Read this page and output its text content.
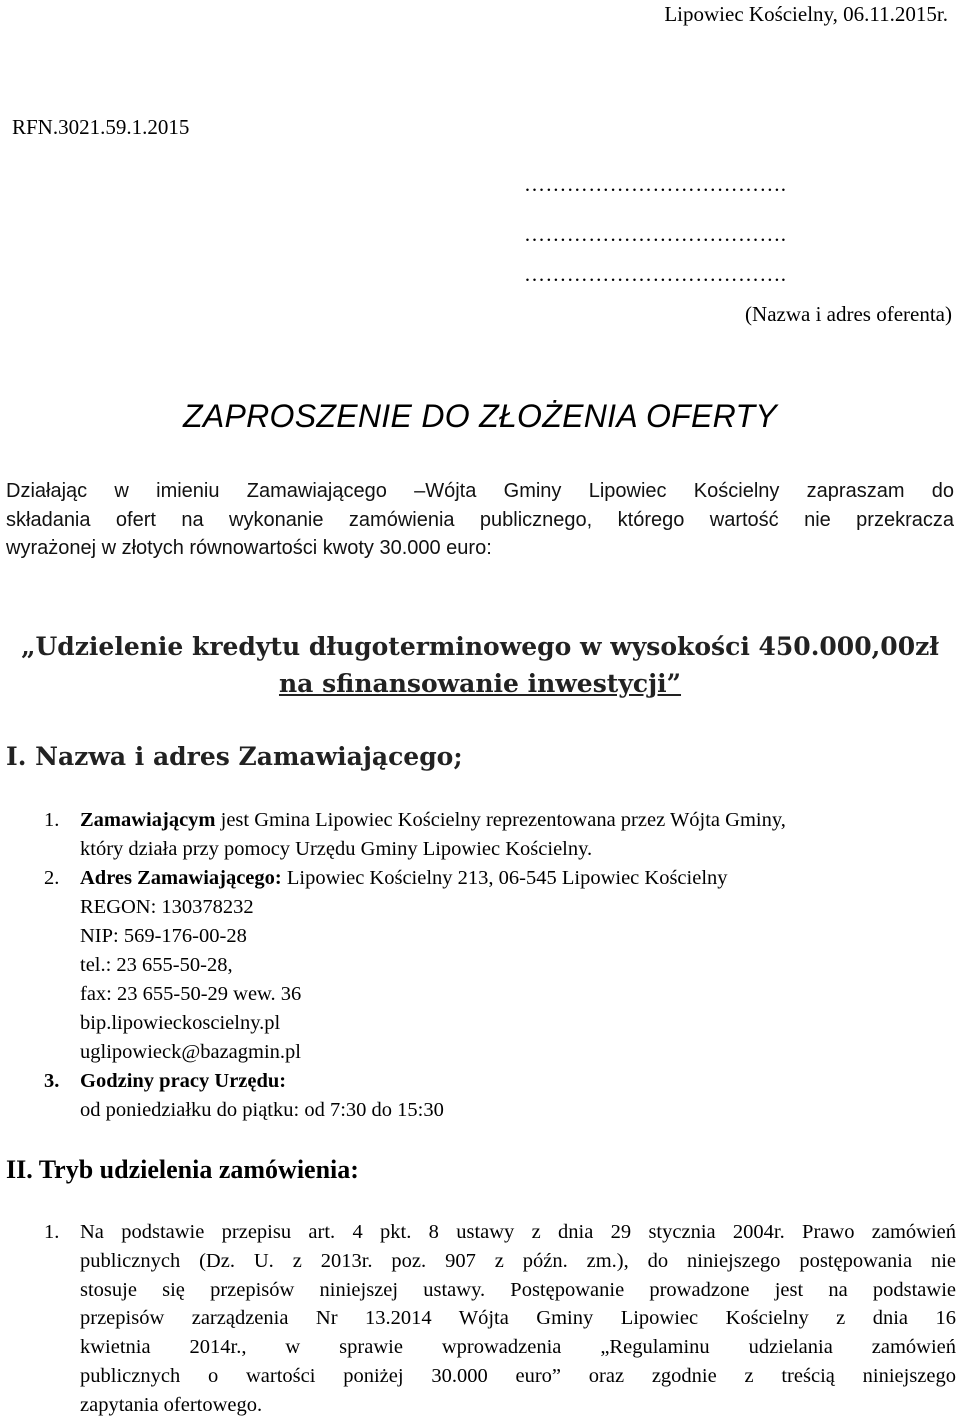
Lipowiec Kościelny, 06.11.2015r.
RFN.3021.59.1.2015
……………………………….
……………………………….
……………………………….
(Nazwa i adres oferenta)
ZAPROSZENIE DO ZŁOŻENIA OFERTY
Działając w imieniu Zamawiającego –Wójta Gminy Lipowiec Kościelny zapraszam do
składania ofert na wykonanie zamówienia publicznego, którego wartość nie przekracza
wyrażonej w złotych równowartości kwoty 30.000 euro:
„Udzielenie kredytu długoterminowego w wysokości 450.000,00zł
na sfinansowanie inwestycji”
I. Nazwa i adres Zamawiającego;
1. Zamawiającym jest Gmina Lipowiec Kościelny reprezentowana przez Wójta Gminy,
który działa przy pomocy Urzędu Gminy Lipowiec Kościelny.
2. Adres Zamawiającego: Lipowiec Kościelny 213, 06-545 Lipowiec Kościelny
REGON: 130378232
NIP: 569-176-00-28
tel.: 23 655-50-28,
fax: 23 655-50-29 wew. 36
bip.lipowieckoscielny.pl
uglipowieck@bazagmin.pl
3. Godziny pracy Urzędu:
od poniedziałku do piątku: od 7:30 do 15:30
II. Tryb udzielenia zamówienia:
1. Na podstawie przepisu art. 4 pkt. 8 ustawy z dnia 29 stycznia 2004r. Prawo zamówień
publicznych (Dz. U. z 2013r. poz. 907 z późn. zm.), do niniejszego postępowania nie
stosuje się przepisów niniejszej ustawy. Postępowanie prowadzone jest na podstawie
przepisów zarządzenia Nr 13.2014 Wójta Gminy Lipowiec Kościelny z dnia 16
kwietnia 2014r., w sprawie wprowadzenia „Regulaminu udzielania zamówień
publicznych o wartości poniżej 30.000 euro” oraz zgodnie z treścią niniejszego
zapytania ofertowego.
